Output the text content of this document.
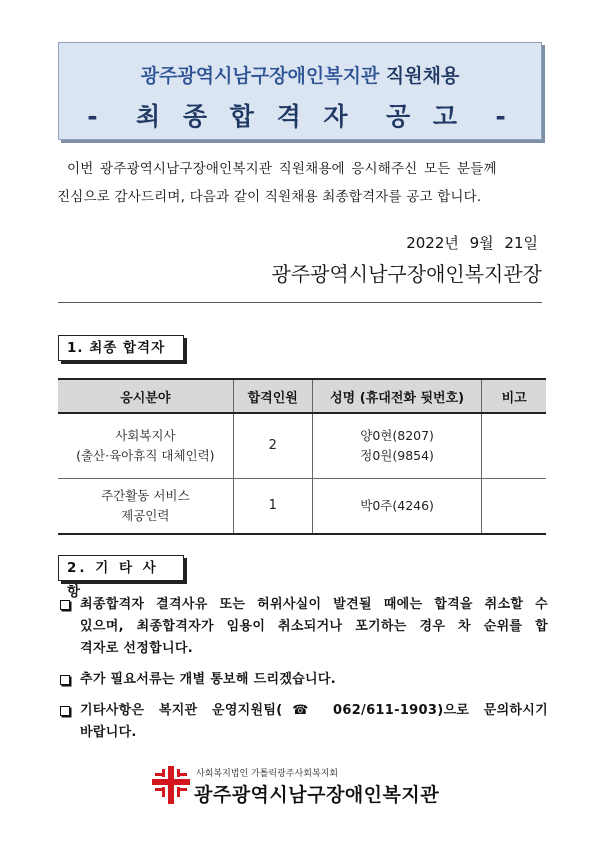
광주광역시남구장애인복지관 직원채용
-  최 종 합 격 자  공 고  -
이번 광주광역시남구장애인복지관 직원채용에 응시해주신 모든 분들께
진심으로 감사드리며, 다음과 같이 직원채용 최종합격자를 공고 합니다.
2022년 9월 21일
광주광역시남구장애인복지관장
1. 최종 합격자
응시분야	합격인원	성명 (휴대전화 뒷번호)	비고

사회복지사
(출산·육아휴직 대체인력)	2	양0현(8207)
정0원(9854)	

주간활동 서비스
제공인력	1	박0주(4246)	

2. 기 타 사 항
최종합격자 결격사유 또는 허위사실이 발견될 때에는 합격을 취소할 수
있으며, 최종합격자가 임용이 취소되거나 포기하는 경우 차 순위를 합
격자로 선정합니다.
추가 필요서류는 개별 통보해 드리겠습니다.
기타사항은 복지관 운영지원팀(☎ 062/611-1903)으로 문의하시기
바랍니다.
사회복지법인 가톨릭광주사회복지회
광주광역시남구장애인복지관
